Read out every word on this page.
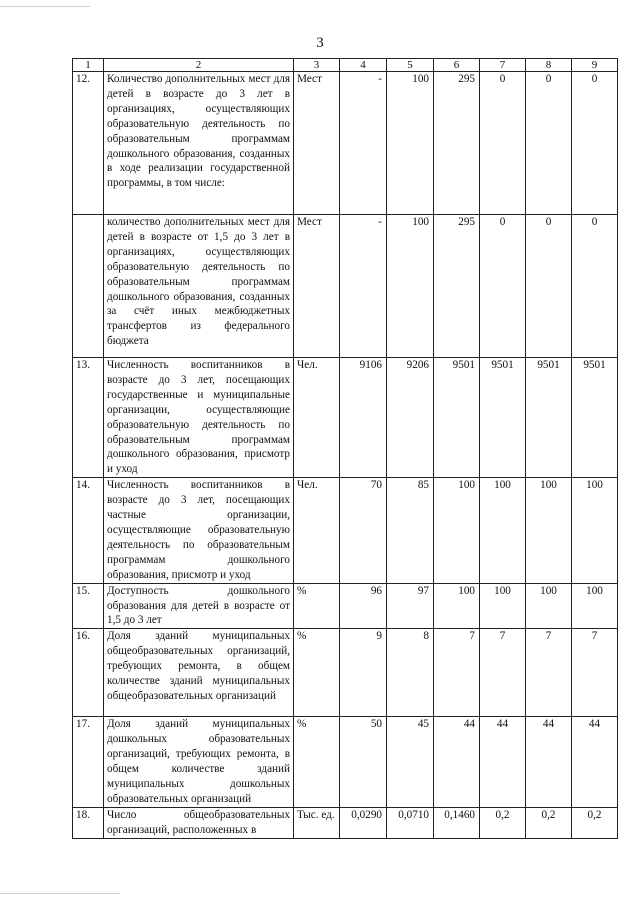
3
1	2	3	4	5	6	7	8	9
12.	Количество дополнительных мест для детей в возрасте до 3 лет в организациях, осуществляющих образовательную деятельность по образовательным программам дошкольного образования, созданных в ходе реализации государственной программы, в том числе:	Мест	-	100	295	0	0	0
	количество дополнительных мест для детей в возрасте от 1,5 до 3 лет в организациях, осуществляющих образовательную деятельность по образовательным программам дошкольного образования, созданных за счёт иных межбюджетных трансфертов из федерального бюджета	Мест	-	100	295	0	0	0
13.	Численность воспитанников в возрасте до 3 лет, посещающих государственные и муниципальные организации, осуществляющие образовательную деятельность по образовательным программам дошкольного образования, присмотр и уход	Чел.	9106	9206	9501	9501	9501	9501
14.	Численность воспитанников в возрасте до 3 лет, посещающих частные организации, осуществляющие образовательную деятельность по образовательным программам дошкольного образования, присмотр и уход	Чел.	70	85	100	100	100	100
15.	Доступность дошкольного образования для детей в возрасте от 1,5 до 3 лет	%	96	97	100	100	100	100
16.	Доля зданий муниципальных общеобразовательных организаций, требующих ремонта, в общем количестве зданий муниципальных общеобразовательных организаций	%	9	8	7	7	7	7
17.	Доля зданий муниципальных дошкольных образовательных организаций, требующих ремонта, в общем количестве зданий муниципальных дошкольных образовательных организаций	%	50	45	44	44	44	44
18.	Число общеобразовательных организаций, расположенных в	Тыс. ед.	0,0290	0,0710	0,1460	0,2	0,2	0,2
